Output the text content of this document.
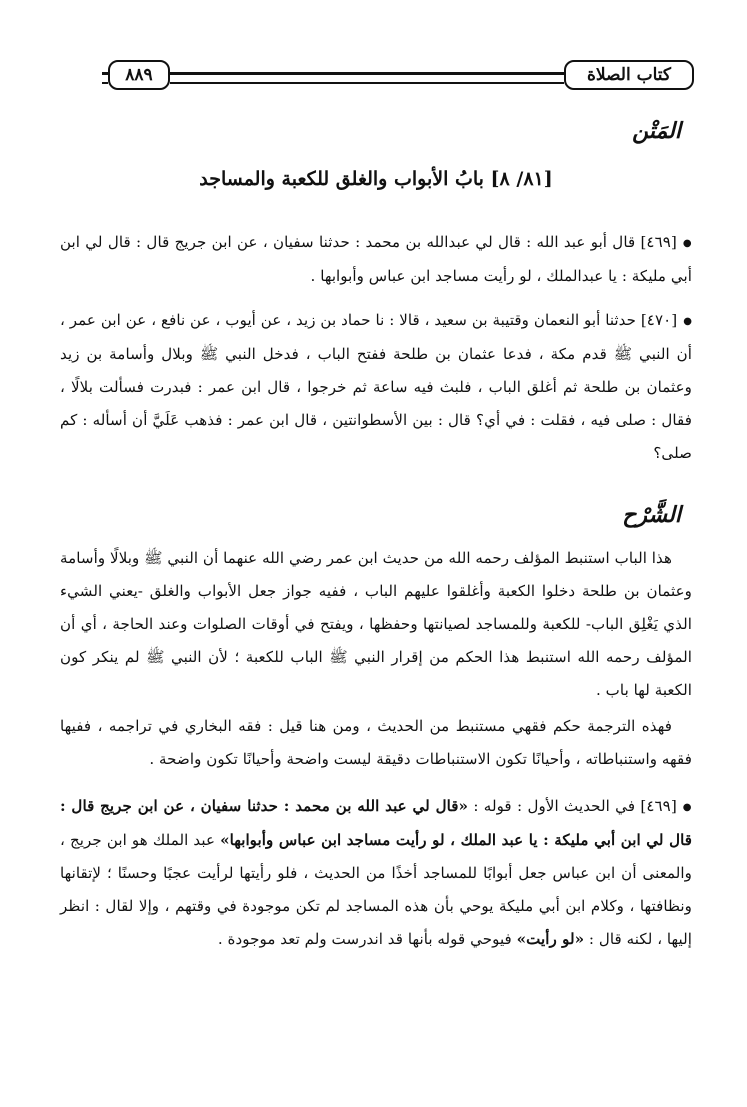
٨٨٩	كتاب الصلاة
المَتْن
[٨١/ ٨] بابُ الأبواب والغلق للكعبة والمساجد
● [٤٦٩] قال أبو عبد الله : قال لي عبدالله بن محمد : حدثنا سفيان ، عن ابن جريج قال : قال لي ابن أبي مليكة : يا عبدالملك ، لو رأيت مساجد ابن عباس وأبوابها .
● [٤٧٠] حدثنا أبو النعمان وقتيبة بن سعيد ، قالا : نا حماد بن زيد ، عن أيوب ، عن نافع ، عن ابن عمر ، أن النبي ﷺ قدم مكة ، فدعا عثمان بن طلحة ففتح الباب ، فدخل النبي ﷺ وبلال وأسامة بن زيد وعثمان بن طلحة ثم أغلق الباب ، فلبث فيه ساعة ثم خرجوا ، قال ابن عمر : فبدرت فسألت بلالًا ، فقال : صلى فيه ، فقلت : في أي؟ قال : بين الأسطوانتين ، قال ابن عمر : فذهب عَلَيَّ أن أسأله : كم صلى؟
الشَّرْح
هذا الباب استنبط المؤلف رحمه الله من حديث ابن عمر رضي الله عنهما أن النبي ﷺ وبلالًا وأسامة وعثمان بن طلحة دخلوا الكعبة وأغلقوا عليهم الباب ، ففيه جواز جعل الأبواب والغلق -يعني الشيء الذي يَغْلِق الباب- للكعبة وللمساجد لصيانتها وحفظها ، ويفتح في أوقات الصلوات وعند الحاجة ، أي أن المؤلف رحمه الله استنبط هذا الحكم من إقرار النبي ﷺ الباب للكعبة ؛ لأن النبي ﷺ لم ينكر كون الكعبة لها باب .
فهذه الترجمة حكم فقهي مستنبط من الحديث ، ومن هنا قيل : فقه البخاري في تراجمه ، ففيها فقهه واستنباطاته ، وأحيانًا تكون الاستنباطات دقيقة ليست واضحة وأحيانًا تكون واضحة .
● [٤٦٩] في الحديث الأول : قوله : «قال لي عبد الله بن محمد : حدثنا سفيان ، عن ابن جريج قال : قال لي ابن أبي مليكة : يا عبد الملك ، لو رأيت مساجد ابن عباس وأبوابها» عبد الملك هو ابن جريج ، والمعنى أن ابن عباس جعل أبوابًا للمساجد أخذًا من الحديث ، فلو رأيتها لرأيت عجبًا وحسنًا ؛ لإتقانها ونظافتها ، وكلام ابن أبي مليكة يوحي بأن هذه المساجد لم تكن موجودة في وقتهم ، وإلا لقال : انظر إليها ، لكنه قال : «لو رأيت» فيوحي قوله بأنها قد اندرست ولم تعد موجودة .
